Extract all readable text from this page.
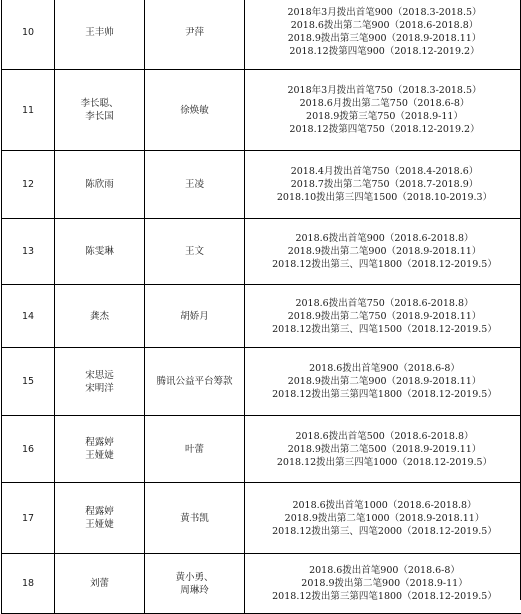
10	王丰帅	尹萍	2018年3月拨出首笔900（2018.3-2018.5）
2018.6拨出第二笔900（2018.6-2018.8）
2018.9拨出第三笔900（2018.9-2018.11）
2018.12拨第四笔900（2018.12-2019.2）

11	李长聪、
李长国	徐焕敏	2018年3月拨出首笔750（2018.3-2018.5）
2018.6月拨出第二笔750（2018.6-8）
2018.9拨第三笔750（2018.9-11）
2018.12拨第四笔750（2018.12-2019.2）

12	陈欣雨	王凌	2018.4月拨出首笔750（2018.4-2018.6）
2018.7拨出第二笔750（2018.7-2018.9）
2018.10拨出第三四笔1500（2018.10-2019.3）

13	陈雯琳	王文	2018.6拨出首笔900（2018.6-2018.8）
2018.9拨出第二笔900（2018.9-2018.11）
2018.12拨出第三、四笔1800（2018.12-2019.5）

14	龚杰	胡娇月	2018.6拨出首笔750（2018.6-2018.8）
2018.9拨出第二笔750（2018.9-2018.11）
2018.12拨出第三、四笔1500（2018.12-2019.5）

15	宋思远
宋明洋	腾讯公益平台筹款	2018.6拨出首笔900（2018.6-8）
2018.9拨出第二笔900（2018.9-2018.11）
2018.12拨出第三第四笔1800（2018.12-2019.5）

16	程露婷
王娅婕	叶蕾	2018.6拨出首笔500（2018.6-2018.8）
2018.9拨出第二笔500（2018.9-2019.11）
2018.12拨出第三四笔1000（2018.12-2019.5）

17	程露婷
王娅婕	黄书凯	2018.6拨出首笔1000（2018.6-2018.8）
2018.9拨出第二笔1000（2018.9-2018.11）
2018.12拨出第三、四笔2000（2018.12-2019.5）

18	刘蕾	黄小勇、
周琳玲	2018.6拨出首笔900（2018.6-8）
2018.9拨出第二笔900（2018.9-11）
2018.12拨出第三第四笔1800（2018.12-2019.5）
